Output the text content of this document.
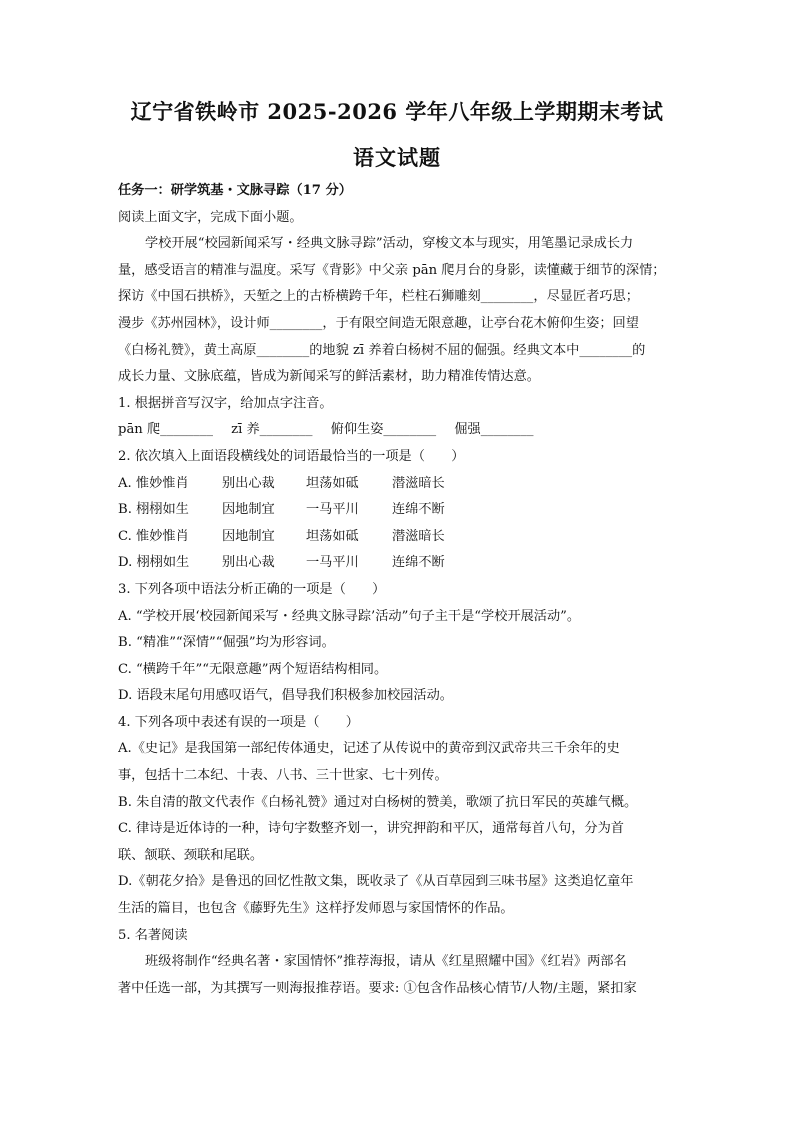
辽宁省铁岭市 2025-2026 学年八年级上学期期末考试
语文试题
任务一：研学筑基・文脉寻踪（17 分）
阅读上面文字，完成下面小题。
学校开展“校园新闻采写・经典文脉寻踪”活动，穿梭文本与现实，用笔墨记录成长力
量，感受语言的精准与温度。采写《背影》中父亲 pān 爬月台的身影，读懂藏于细节的深情；
探访《中国石拱桥》，天堑之上的古桥横跨千年，栏柱石狮雕刻________，尽显匠者巧思；
漫步《苏州园林》，设计师________，于有限空间造无限意趣，让亭台花木俯仰生姿；回望
《白杨礼赞》，黄土高原________的地貌 zī 养着白杨树不屈的倔强。经典文本中________的
成长力量、文脉底蕴，皆成为新闻采写的鲜活素材，助力精准传情达意。
1. 根据拼音写汉字，给加点字注音。
pān 爬________ zī 养________ 俯仰生姿________ 倔强________
2. 依次填入上面语段横线处的词语最恰当的一项是（　　）
A. 惟妙惟肖	别出心裁 坦荡如砥	潜滋暗长
B. 栩栩如生	因地制宜 一马平川	连绵不断
C. 惟妙惟肖	因地制宜 坦荡如砥	潜滋暗长
D. 栩栩如生 别出心裁 一马平川	连绵不断
3. 下列各项中语法分析正确的一项是（　　）
A. “学校开展‘校园新闻采写・经典文脉寻踪’活动”句子主干是“学校开展活动”。
B. “精准”“深情”“倔强”均为形容词。
C. “横跨千年”“无限意趣”两个短语结构相同。
D. 语段末尾句用感叹语气，倡导我们积极参加校园活动。
4. 下列各项中表述有误的一项是（　　）
A.《史记》是我国第一部纪传体通史，记述了从传说中的黄帝到汉武帝共三千余年的史
事，包括十二本纪、十表、八书、三十世家、七十列传。
B. 朱自清的散文代表作《白杨礼赞》通过对白杨树的赞美，歌颂了抗日军民的英雄气概。
C. 律诗是近体诗的一种，诗句字数整齐划一，讲究押韵和平仄，通常每首八句，分为首
联、颔联、颈联和尾联。
D.《朝花夕拾》是鲁迅的回忆性散文集，既收录了《从百草园到三味书屋》这类追忆童年
生活的篇目，也包含《藤野先生》这样抒发师恩与家国情怀的作品。
5. 名著阅读
班级将制作“经典名著・家国情怀”推荐海报，请从《红星照耀中国》《红岩》两部名
著中任选一部，为其撰写一则海报推荐语。要求: ①包含作品核心情节/人物/主题，紧扣家
